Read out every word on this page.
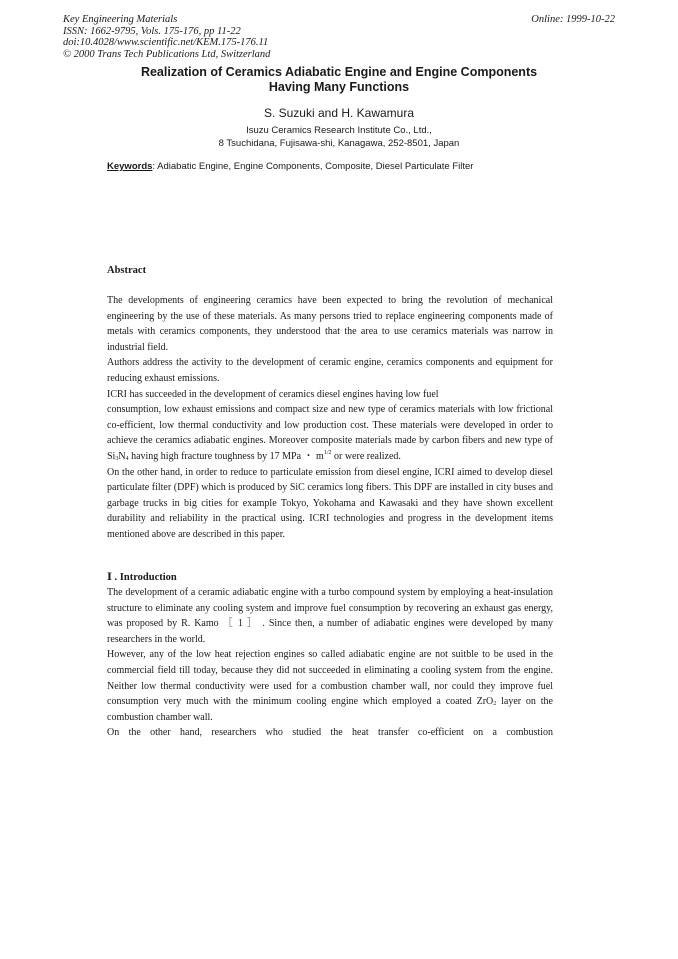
Key Engineering Materials
ISSN: 1662-9795, Vols. 175-176, pp 11-22
doi:10.4028/www.scientific.net/KEM.175-176.11
© 2000 Trans Tech Publications Ltd, Switzerland
Online: 1999-10-22
Realization of Ceramics Adiabatic Engine and Engine Components
Having Many Functions
S. Suzuki and H. Kawamura
Isuzu Ceramics Research Institute Co., Ltd.,
8 Tsuchidana, Fujisawa-shi, Kanagawa, 252-8501, Japan
Keywords: Adiabatic Engine, Engine Components, Composite, Diesel Particulate Filter
Abstract

The developments of engineering ceramics have been expected to bring the revolution of mechanical engineering by the use of these materials. As many persons tried to replace engineering components made of metals with ceramics components, they understood that the area to use ceramics materials was narrow in industrial field.

Authors address the activity to the development of ceramic engine, ceramics components and equipment for reducing exhaust emissions.

ICRI has succeeded in the development of ceramics diesel engines having low fuel

consumption, low exhaust emissions and compact size and new type of ceramics materials with low frictional co-efficient, low thermal conductivity and low production cost. These materials were developed in order to achieve the ceramics adiabatic engines. Moreover composite materials made by carbon fibers and new type of $Si_3N_4$ having high fracture toughness by 17 MPa ・ $m^{1/2}$ or were realized.

On the other hand, in order to reduce to particulate emission from diesel engine, ICRI aimed to develop diesel particulate filter (DPF) which is produced by SiC ceramics long fibers. This DPF are installed in city buses and garbage trucks in big cities for example Tokyo, Yokohama and Kawasaki and they have shown excellent durability and reliability in the practical using. ICRI technologies and progress in the development items mentioned above are described in this paper.

Ⅰ . Introduction

The development of a ceramic adiabatic engine with a turbo compound system by employing a heat-insulation structure to eliminate any cooling system and improve fuel consumption by recovering an exhaust gas energy, was proposed by R. Kamo ［ 1 ］ . Since then, a number of adiabatic engines were developed by many researchers in the world.

However, any of the low heat rejection engines so called adiabatic engine are not suitble to be used in the commercial field till today, because they did not succeeded in eliminating a cooling system from the engine. Neither low thermal conductivity were used for a combustion chamber wall, nor could they improve fuel consumption very much with the minimum cooling engine which employed a coated ZrO$_2$ layer on the combustion chamber wall.

On the other hand, researchers who studied the heat transfer co-efficient on a combustion
